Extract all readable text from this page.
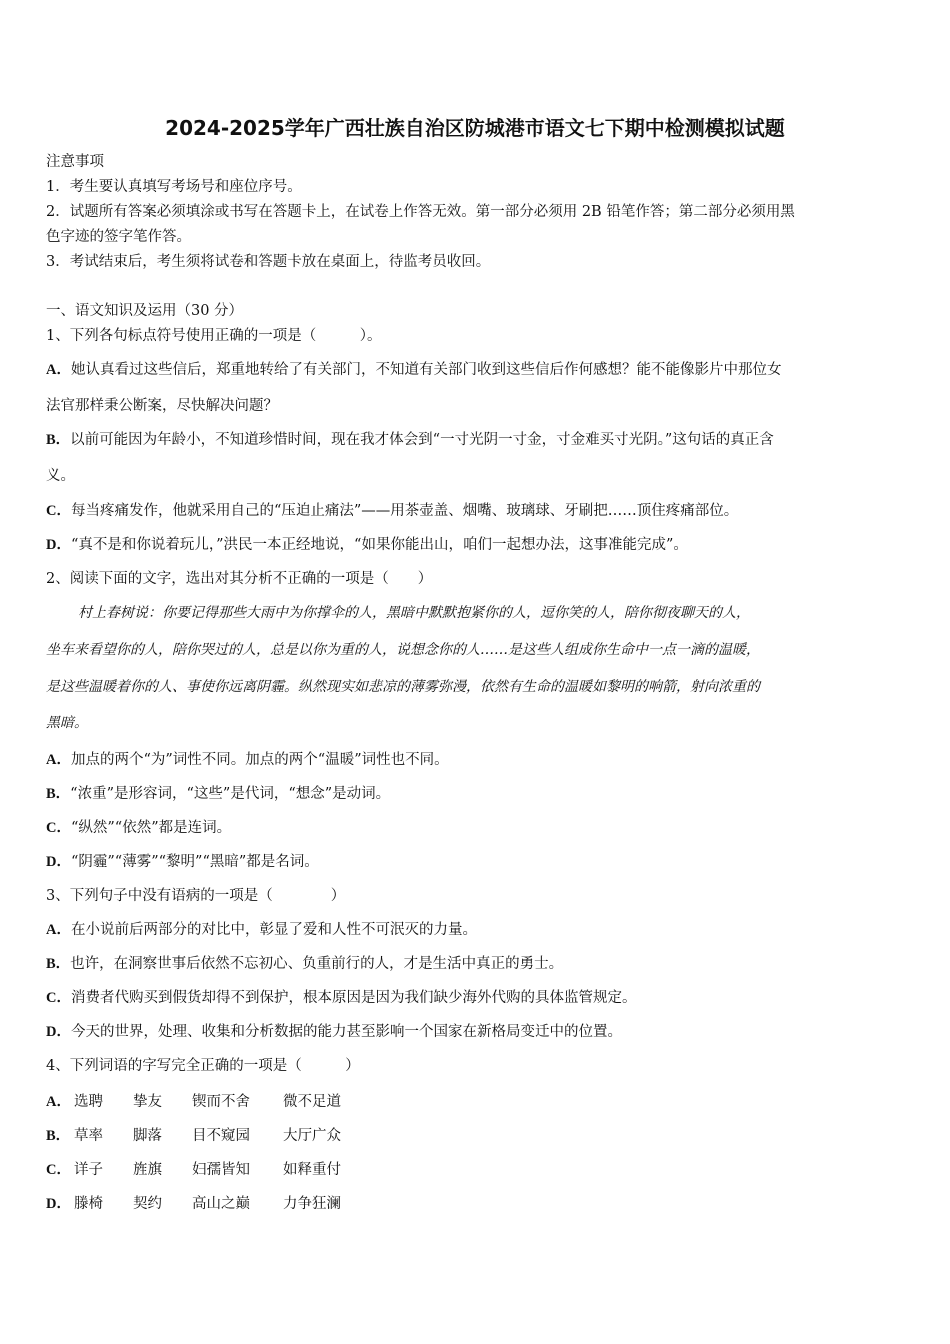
2024-2025学年广西壮族自治区防城港市语文七下期中检测模拟试题
注意事项
1．考生要认真填写考场号和座位序号。
2．试题所有答案必须填涂或书写在答题卡上，在试卷上作答无效。第一部分必须用 2B 铅笔作答；第二部分必须用黑
色字迹的签字笔作答。
3．考试结束后，考生须将试卷和答题卡放在桌面上，待监考员收回。
一、语文知识及运用（30 分）
1、下列各句标点符号使用正确的一项是（　　　）。
A．她认真看过这些信后，郑重地转给了有关部门，不知道有关部门收到这些信后作何感想？能不能像影片中那位女
法官那样秉公断案，尽快解决问题？
B．以前可能因为年龄小，不知道珍惜时间，现在我才体会到“一寸光阴一寸金，寸金难买寸光阴。”这句话的真正含
义。
C．每当疼痛发作，他就采用自己的“压迫止痛法”——用茶壶盖、烟嘴、玻璃球、牙刷把……顶住疼痛部位。
D．“真不是和你说着玩儿，”洪民一本正经地说，“如果你能出山，咱们一起想办法，这事准能完成”。
2、阅读下面的文字，选出对其分析不正确的一项是（　　）
村上春树说：你要记得那些大雨中为你撑伞的人，黑暗中默默抱紧你的人，逗你笑的人，陪你彻夜聊天的人，
坐车来看望你的人，陪你哭过的人，总是以你为重的人，说想念你的人……是这些人组成你生命中一点一滴的温暖，
是这些温暖着你的人、事使你远离阴霾。纵然现实如悲凉的薄雾弥漫，依然有生命的温暖如黎明的响箭，射向浓重的
黑暗。
A．加点的两个“为”词性不同。加点的两个“温暖”词性也不同。
B．“浓重”是形容词，“这些”是代词，“想念”是动词。
C．“纵然”“依然”都是连词。
D．“阴霾”“薄雾”“黎明”“黑暗”都是名词。
3、下列句子中没有语病的一项是（　　　　）
A．在小说前后两部分的对比中，彰显了爱和人性不可泯灭的力量。
B．也许，在洞察世事后依然不忘初心、负重前行的人，才是生活中真正的勇士。
C．消费者代购买到假货却得不到保护，根本原因是因为我们缺少海外代购的具体监管规定。
D．今天的世界，处理、收集和分析数据的能力甚至影响一个国家在新格局变迁中的位置。
4、下列词语的字写完全正确的一项是（　　　）
A． 选聘 挚友 锲而不舍 微不足道
B． 草率 脚落 目不窥园 大厅广众
C． 详子 旌旗 妇孺皆知 如释重付
D． 滕椅 契约 高山之巅 力争狂澜
